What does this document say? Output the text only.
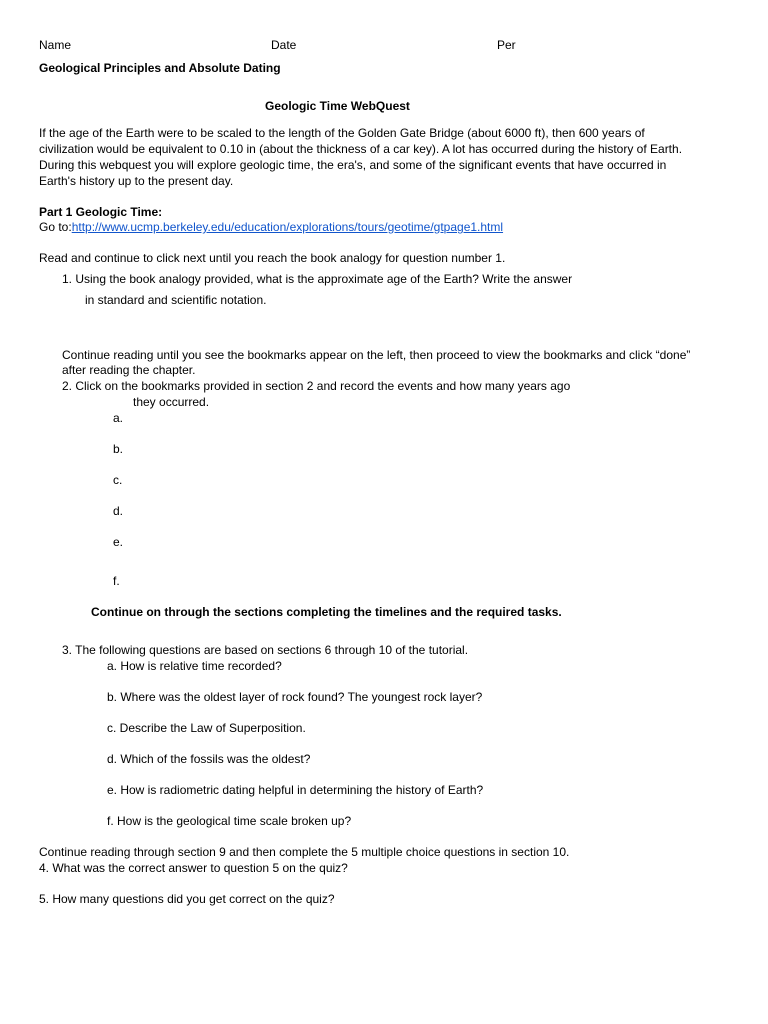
Name	Date	Per
Geological Principles and Absolute Dating
Geologic Time WebQuest
If the age of the Earth were to be scaled to the length of the Golden Gate Bridge (about 6000 ft), then 600 years of
civilization would be equivalent to 0.10 in (about the thickness of a car key). A lot has occurred during the history of Earth.
During this webquest you will explore geologic time, the era's, and some of the significant events that have occurred in
Earth's history up to the present day.
Part 1 Geologic Time:
Go to:http://www.ucmp.berkeley.edu/education/explorations/tours/geotime/gtpage1.html
Read and continue to click next until you reach the book analogy for question number 1.
1. Using the book analogy provided, what is the approximate age of the Earth? Write the answer
in standard and scientific notation.
Continue reading until you see the bookmarks appear on the left, then proceed to view the bookmarks and click “done”
after reading the chapter.
2. Click on the bookmarks provided in section 2 and record the events and how many years ago
they occurred.
a.
b.
c.
d.
e.
f.
Continue on through the sections completing the timelines and the required tasks.
3. The following questions are based on sections 6 through 10 of the tutorial.
a. How is relative time recorded?
b. Where was the oldest layer of rock found? The youngest rock layer?
c. Describe the Law of Superposition.
d. Which of the fossils was the oldest?
e. How is radiometric dating helpful in determining the history of Earth?
f. How is the geological time scale broken up?
Continue reading through section 9 and then complete the 5 multiple choice questions in section 10.
4. What was the correct answer to question 5 on the quiz?
5. How many questions did you get correct on the quiz?
